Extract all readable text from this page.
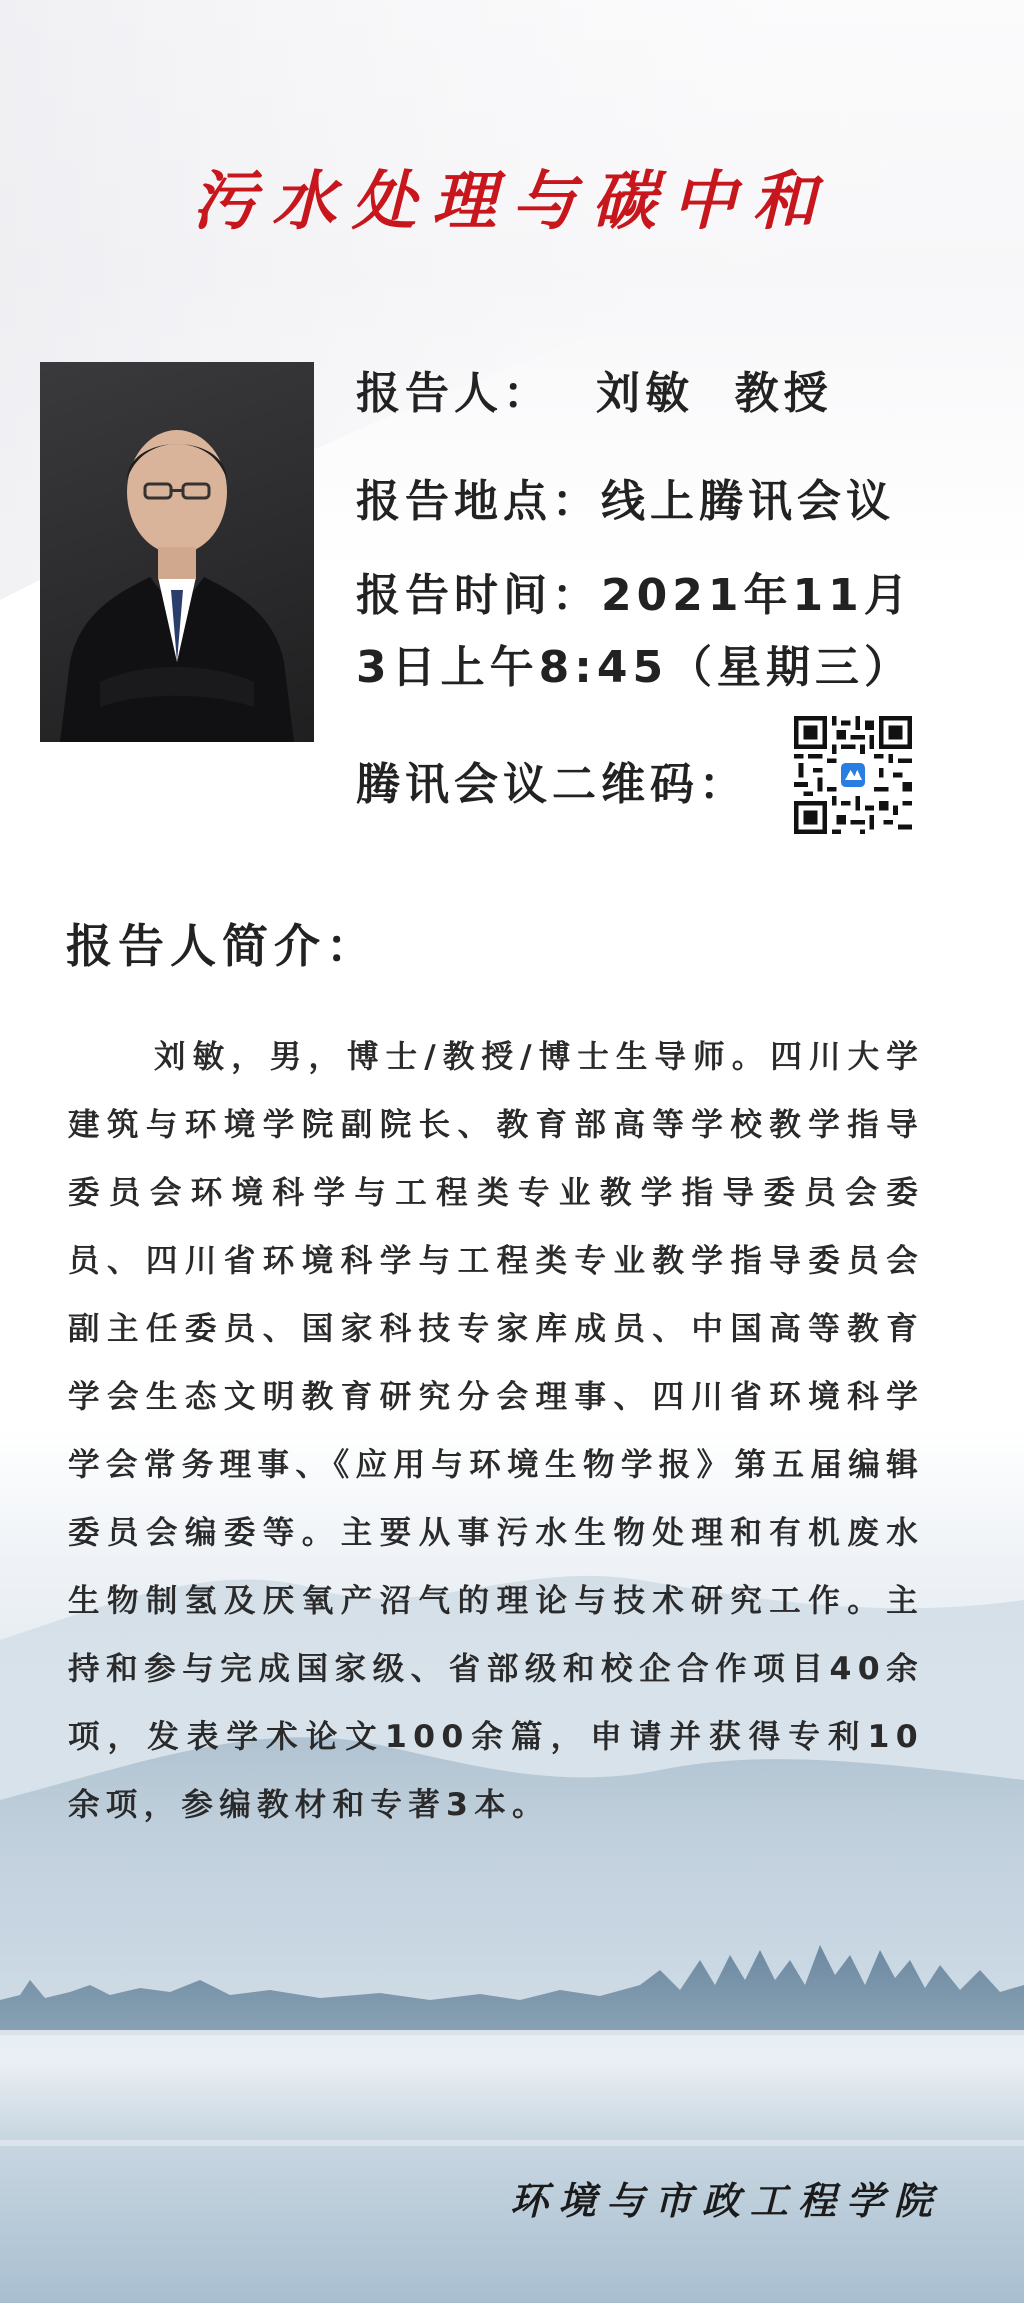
污水处理与碳中和
报告人： 刘敏  教授
报告地点：线上腾讯会议
报告时间：2021年11月
3日上午8:45（星期三）
腾讯会议二维码：
报告人简介：
刘敏，男，博士/教授/博士生导师。四川大学建筑与环境学院副院长、教育部高等学校教学指导委员会环境科学与工程类专业教学指导委员会委员、四川省环境科学与工程类专业教学指导委员会副主任委员、国家科技专家库成员、中国高等教育学会生态文明教育研究分会理事、四川省环境科学学会常务理事、《应用与环境生物学报》第五届编辑委员会编委等。主要从事污水生物处理和有机废水生物制氢及厌氧产沼气的理论与技术研究工作。主持和参与完成国家级、省部级和校企合作项目40余项，发表学术论文100余篇，申请并获得专利10余项，参编教材和专著3本。
环境与市政工程学院
